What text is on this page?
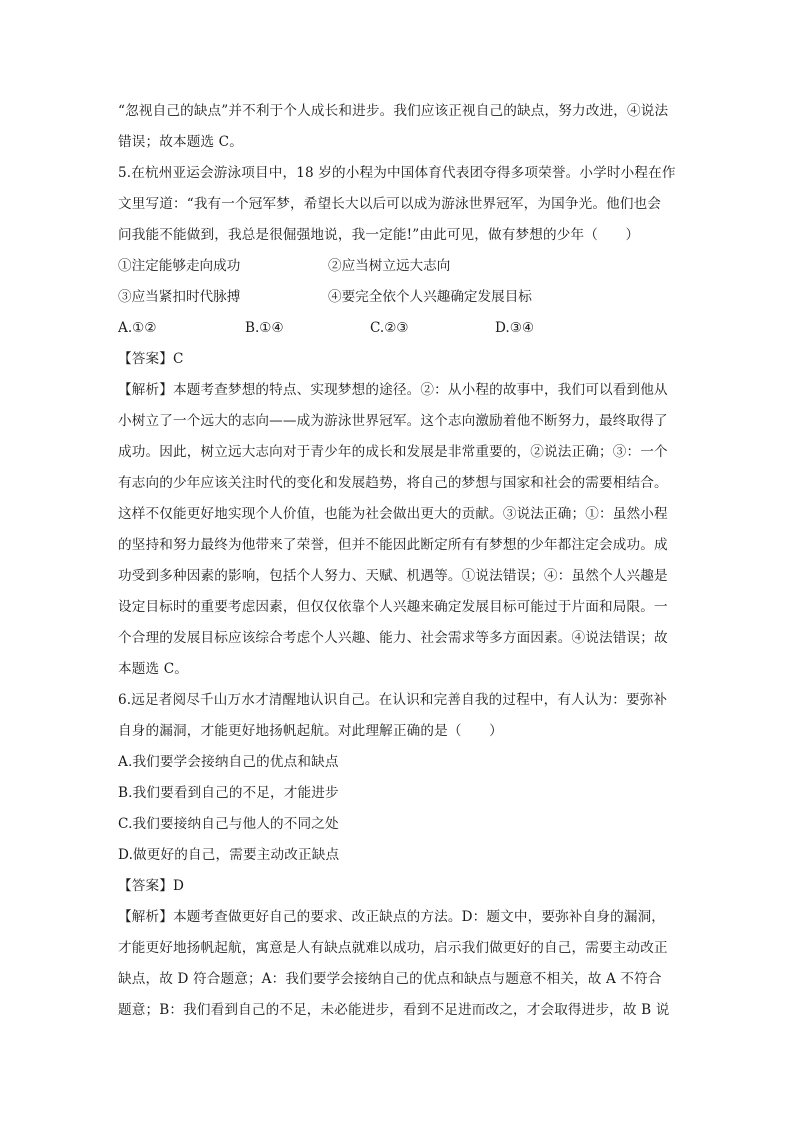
“忽视自己的缺点”并不利于个人成长和进步。我们应该正视自己的缺点，努力改进，④说法
错误；故本题选 C。
5.在杭州亚运会游泳项目中，18 岁的小程为中国体育代表团夺得多项荣誉。小学时小程在作
文里写道：“我有一个冠军梦，希望长大以后可以成为游泳世界冠军，为国争光。他们也会
问我能不能做到，我总是很倔强地说，我一定能!”由此可见，做有梦想的少年（　　）
①注定能够走向成功	②应当树立远大志向
③应当紧扣时代脉搏	④要完全依个人兴趣确定发展目标
A.①②	B.①④	C.②③	D.③④
【答案】C
【解析】本题考查梦想的特点、实现梦想的途径。②：从小程的故事中，我们可以看到他从
小树立了一个远大的志向——成为游泳世界冠军。这个志向激励着他不断努力，最终取得了
成功。因此，树立远大志向对于青少年的成长和发展是非常重要的，②说法正确；③：一个
有志向的少年应该关注时代的变化和发展趋势，将自己的梦想与国家和社会的需要相结合。
这样不仅能更好地实现个人价值，也能为社会做出更大的贡献。③说法正确；①：虽然小程
的坚持和努力最终为他带来了荣誉，但并不能因此断定所有有梦想的少年都注定会成功。成
功受到多种因素的影响，包括个人努力、天赋、机遇等。①说法错误；④：虽然个人兴趣是
设定目标时的重要考虑因素，但仅仅依靠个人兴趣来确定发展目标可能过于片面和局限。一
个合理的发展目标应该综合考虑个人兴趣、能力、社会需求等多方面因素。④说法错误；故
本题选 C。
6.远足者阅尽千山万水才清醒地认识自己。在认识和完善自我的过程中，有人认为：要弥补
自身的漏洞，才能更好地扬帆起航。对此理解正确的是（　　）
A.我们要学会接纳自己的优点和缺点
B.我们要看到自己的不足，才能进步
C.我们要接纳自己与他人的不同之处
D.做更好的自己，需要主动改正缺点
【答案】D
【解析】本题考查做更好自己的要求、改正缺点的方法。D：题文中，要弥补自身的漏洞，
才能更好地扬帆起航，寓意是人有缺点就难以成功，启示我们做更好的自己，需要主动改正
缺点，故 D 符合题意；A：我们要学会接纳自己的优点和缺点与题意不相关，故 A 不符合
题意；B：我们看到自己的不足，未必能进步，看到不足进而改之，才会取得进步，故 B 说
